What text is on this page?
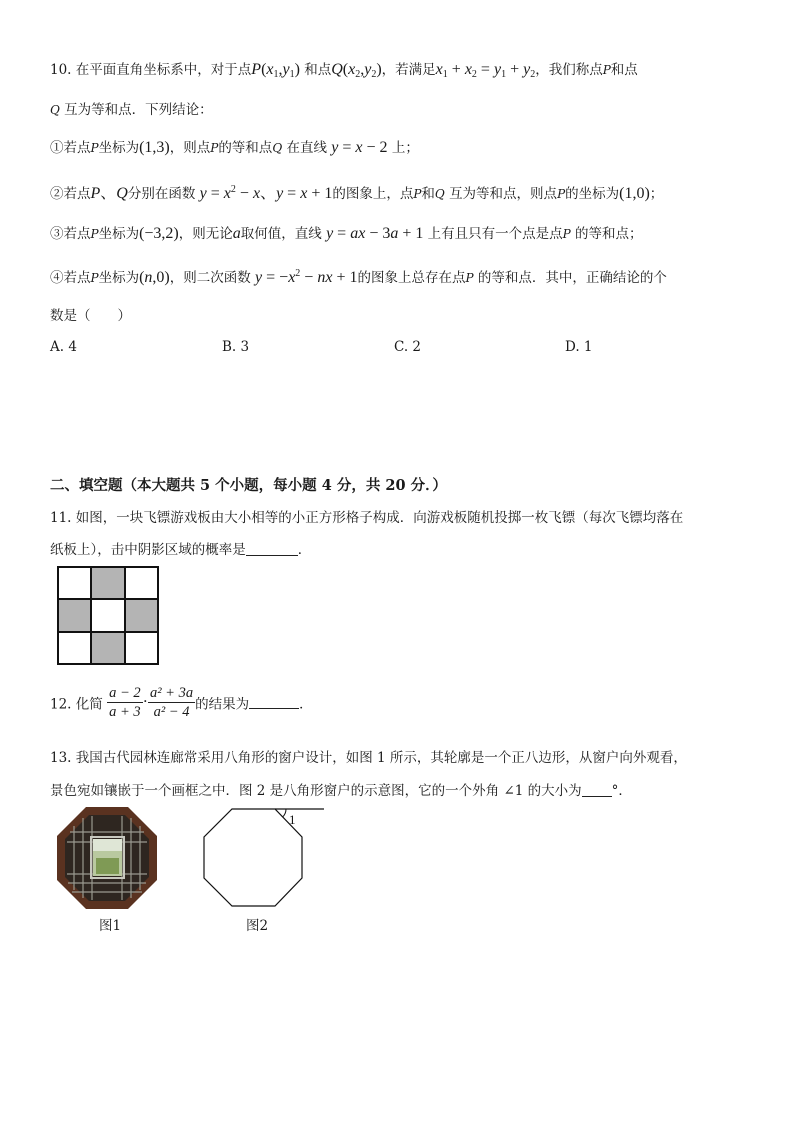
10. 在平面直角坐标系中，对于点$P(x_1,y_1)$ 和点$Q(x_2,y_2)$，若满足$x_1 + x_2 = y_1 + y_2$，我们称点P和点
Q 互为等和点．下列结论：
①若点P坐标为(1,3)，则点P的等和点Q 在直线 y = x − 2 上；
②若点P、Q分别在函数 $y = x^2 - x$、y = x + 1的图象上，点P和Q 互为等和点，则点P的坐标为(1,0)；
③若点P坐标为(−3,2)，则无论a取何值，直线 y = ax − 3a + 1 上有且只有一个点是点P 的等和点；
④若点P坐标为(n,0)，则二次函数 $y = -x^2$ − nx + 1的图象上总存在点P 的等和点．其中，正确结论的个
数是（　　）
A. 4	B. 3	C. 2	D. 1
二、填空题（本大题共 5 个小题，每小题 4 分，共 20 分．）
11. 如图，一块飞镖游戏板由大小相等的小正方形格子构成．向游戏板随机投掷一枚飞镖（每次飞镖均落在
纸板上），击中阴影区域的概率是	．
12. 化简 $\frac{a - 2}{a + 3} \cdot \frac{\text{a² + 3a}}{\text{a² − 4}}$ 的结果为	．
13. 我国古代园林连廊常采用八角形的窗户设计，如图 1 所示，其轮廓是一个正八边形，从窗户向外观看，
景色宛如镶嵌于一个画框之中．图 2 是八角形窗户的示意图，它的一个外角 ∠1 的大小为 °．
1
图1	图2
